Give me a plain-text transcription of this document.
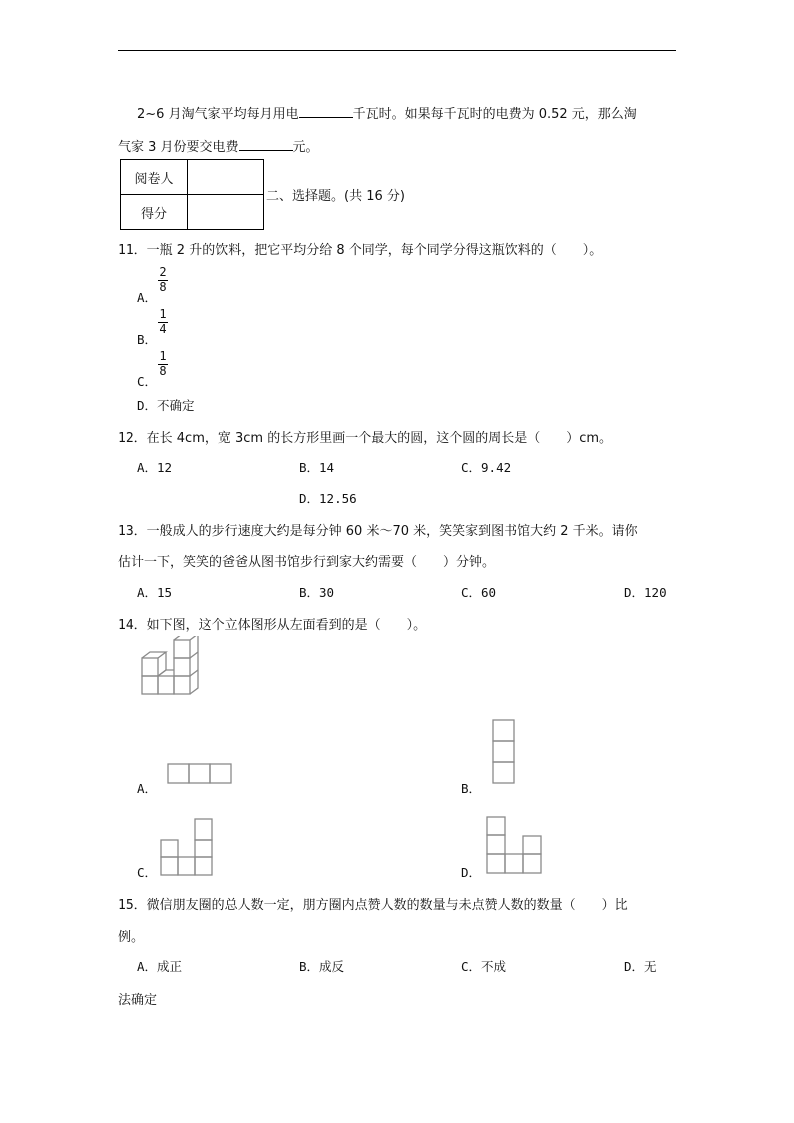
2~6 月淘气家平均每月用电	千瓦时。如果每千瓦时的电费为 0.52 元，那么淘
气家 3 月份要交电费	元。
阅卷人	
得分	
二、选择题。(共 16 分)
11．一瓶 2 升的饮料，把它平均分给 8 个同学，每个同学分得这瓶饮料的（　　）。
A．
$\frac{2}{8}$
B．
$\frac{1}{4}$
C．
$\frac{1}{8}$
D．不确定
12．在长 4cm，宽 3cm 的长方形里画一个最大的圆，这个圆的周长是（　　）cm。
A．12	B．14	C．9.42
D．12.56
13．一般成人的步行速度大约是每分钟 60 米～70 米，笑笑家到图书馆大约 2 千米。请你
估计一下，笑笑的爸爸从图书馆步行到家大约需要（　　）分钟。
A．15	B．30	C．60	D．120
14．如下图，这个立体图形从左面看到的是（　　）。
A．	B．
C．	D．
15．微信朋友圈的总人数一定，朋方圈内点赞人数的数量与未点赞人数的数量（　　）比
例。
A．成正	B．成反	C．不成	D．无
法确定
